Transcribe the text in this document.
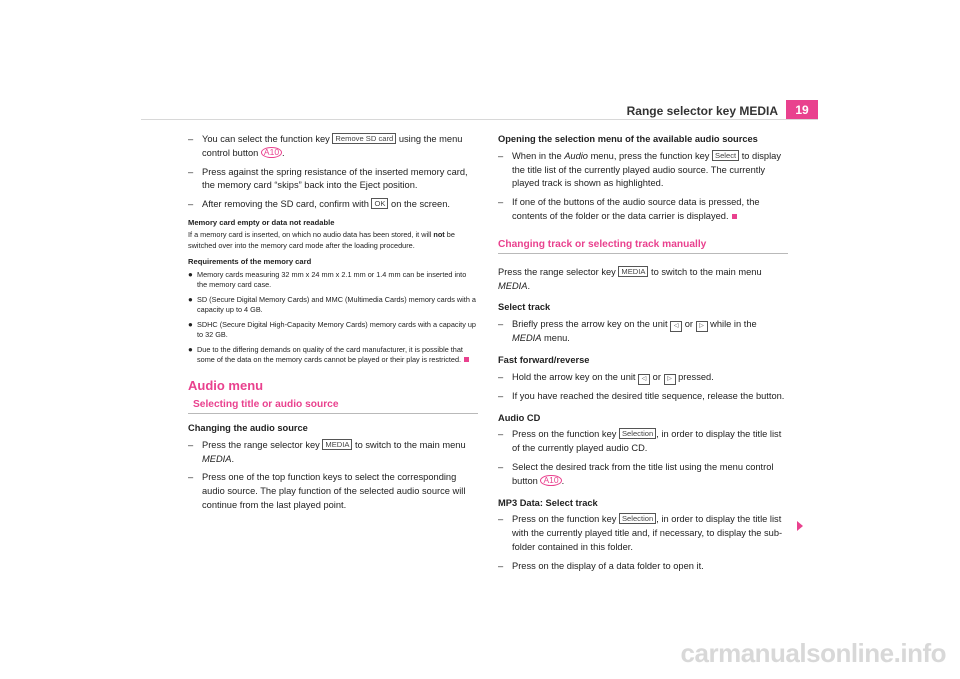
Range selector key MEDIA	19
– You can select the function key Remove SD card using the menu control button A10 .
– Press against the spring resistance of the inserted memory card, the memory card “skips” back into the Eject position.
– After removing the SD card, confirm with OK on the screen.
Memory card empty or data not readable
If a memory card is inserted, on which no audio data has been stored, it will not be switched over into the memory card mode after the loading procedure.
Requirements of the memory card
● Memory cards measuring 32 mm x 24 mm x 2.1 mm or 1.4 mm can be inserted into the memory card case.
● SD (Secure Digital Memory Cards) and MMC (Multimedia Cards) memory cards with a capacity up to 4 GB.
● SDHC (Secure Digital High-Capacity Memory Cards) memory cards with a capacity up to 32 GB.
● Due to the differing demands on quality of the card manufacturer, it is possible that some of the data on the memory cards cannot be played or their play is restricted.
Audio menu
Selecting title or audio source
Changing the audio source
– Press the range selector key MEDIA to switch to the main menu MEDIA.
– Press one of the top function keys to select the corresponding audio source. The play function of the selected audio source will continue from the last played point.
Opening the selection menu of the available audio sources
– When in the Audio menu, press the function key Select to display the title list of the currently played audio source. The currently played track is shown as highlighted.
– If one of the buttons of the audio source data is pressed, the contents of the folder or the data carrier is displayed.
Changing track or selecting track manually
Press the range selector key MEDIA to switch to the main menu MEDIA.
Select track
– Briefly press the arrow key on the unit ◁ or ▷ while in the MEDIA menu.
Fast forward/reverse
– Hold the arrow key on the unit ◁ or ▷ pressed.
– If you have reached the desired title sequence, release the button.
Audio CD
– Press on the function key Selection , in order to display the title list of the currently played audio CD.
– Select the desired track from the title list using the menu control button A10 .
MP3 Data: Select track
– Press on the function key Selection , in order to display the title list with the currently played title and, if necessary, to display the sub-folder contained in this folder.
– Press on the display of a data folder to open it.
carmanualsonline.info
